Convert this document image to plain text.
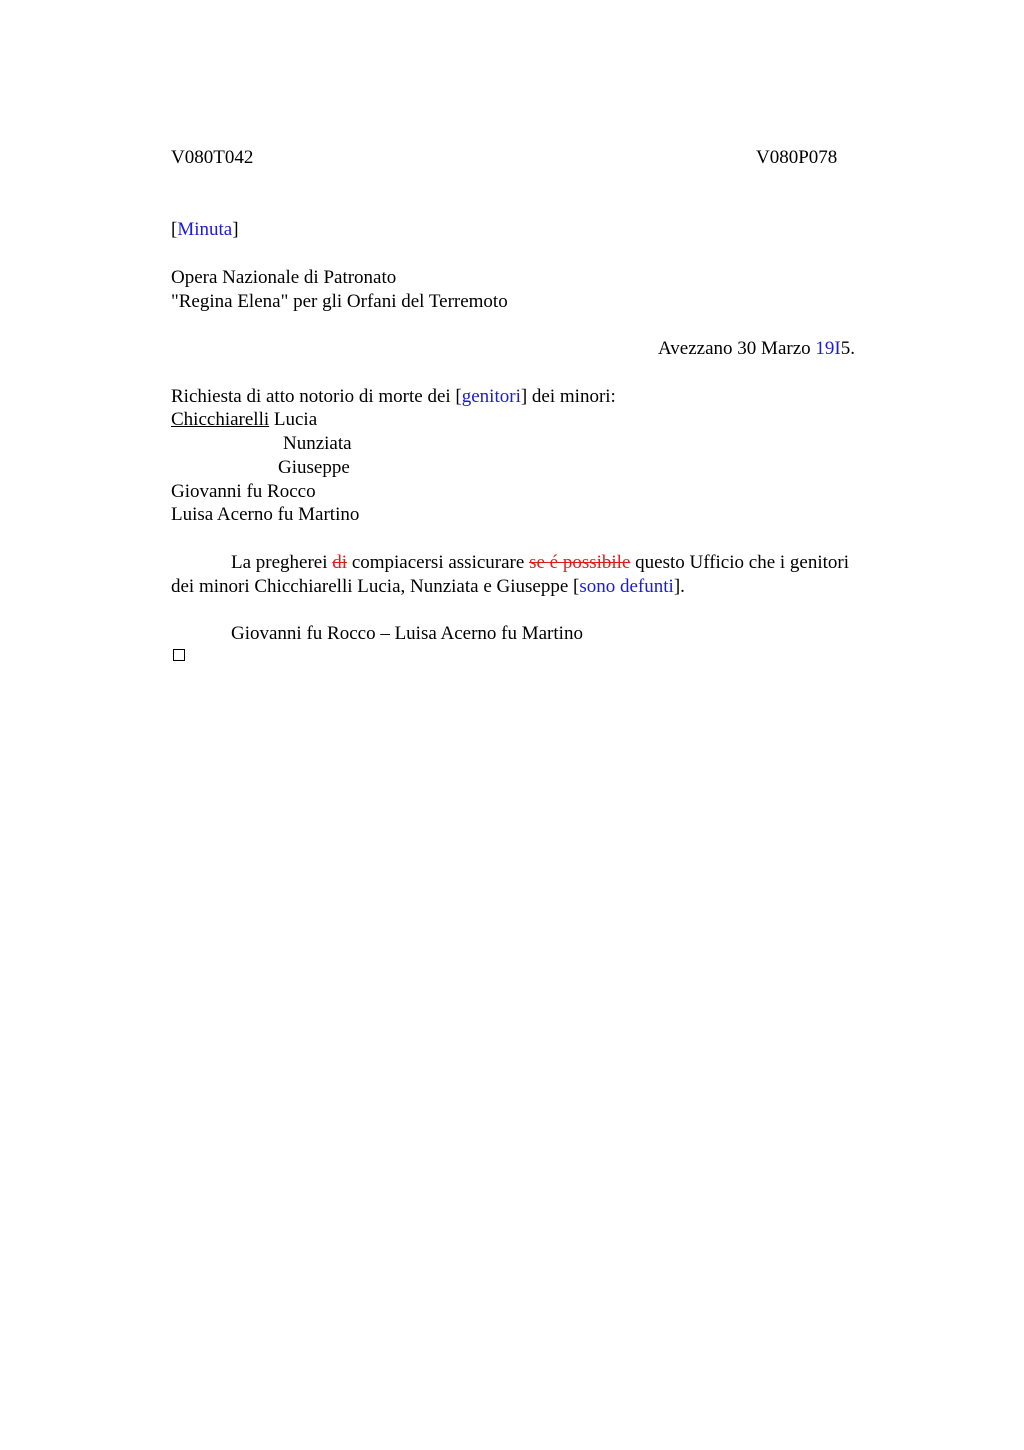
V080T042	V080P078
[Minuta]
Opera Nazionale di Patronato
"Regina Elena" per gli Orfani del Terremoto
Avezzano 30 Marzo 19I5.
Richiesta di atto notorio di morte dei [genitori] dei minori:
Chicchiarelli Lucia
Nunziata
Giuseppe
Giovanni fu Rocco
Luisa Acerno fu Martino
La pregherei di compiacersi assicurare se é possibile questo Ufficio che i genitori
dei minori Chicchiarelli Lucia, Nunziata e Giuseppe [sono defunti].
Giovanni fu Rocco – Luisa Acerno fu Martino
